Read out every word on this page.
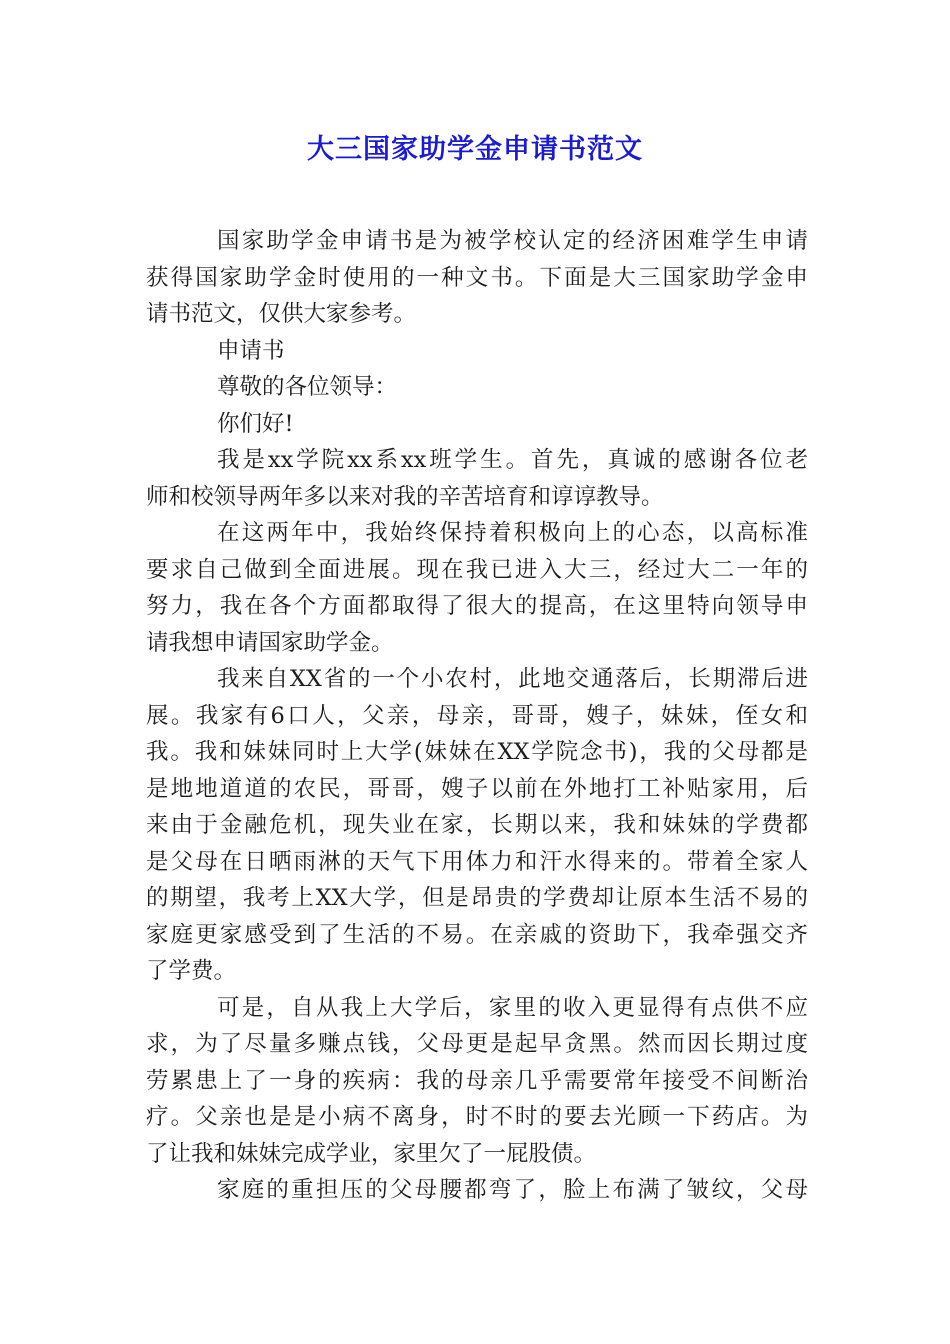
大三国家助学金申请书范文
国家助学金申请书是为被学校认定的经济困难学生申请
获得国家助学金时使用的一种文书。下面是大三国家助学金申
请书范文，仅供大家参考。
申请书
尊敬的各位领导：
你们好!
我是xx学院xx系xx班学生。首先，真诚的感谢各位老
师和校领导两年多以来对我的辛苦培育和谆谆教导。
在这两年中，我始终保持着积极向上的心态，以高标准
要求自己做到全面进展。现在我已进入大三，经过大二一年的
努力，我在各个方面都取得了很大的提高，在这里特向领导申
请我想申请国家助学金。
我来自XX省的一个小农村，此地交通落后，长期滞后进
展。我家有6口人，父亲，母亲，哥哥，嫂子，妹妹，侄女和
我。我和妹妹同时上大学(妹妹在XX学院念书)，我的父母都是
是地地道道的农民，哥哥，嫂子以前在外地打工补贴家用，后
来由于金融危机，现失业在家，长期以来，我和妹妹的学费都
是父母在日晒雨淋的天气下用体力和汗水得来的。带着全家人
的期望，我考上XX大学，但是昂贵的学费却让原本生活不易的
家庭更家感受到了生活的不易。在亲戚的资助下，我牵强交齐
了学费。
可是，自从我上大学后，家里的收入更显得有点供不应
求，为了尽量多赚点钱，父母更是起早贪黑。然而因长期过度
劳累患上了一身的疾病：我的母亲几乎需要常年接受不间断治
疗。父亲也是是小病不离身，时不时的要去光顾一下药店。为
了让我和妹妹完成学业，家里欠了一屁股债。
家庭的重担压的父母腰都弯了，脸上布满了皱纹，父母
